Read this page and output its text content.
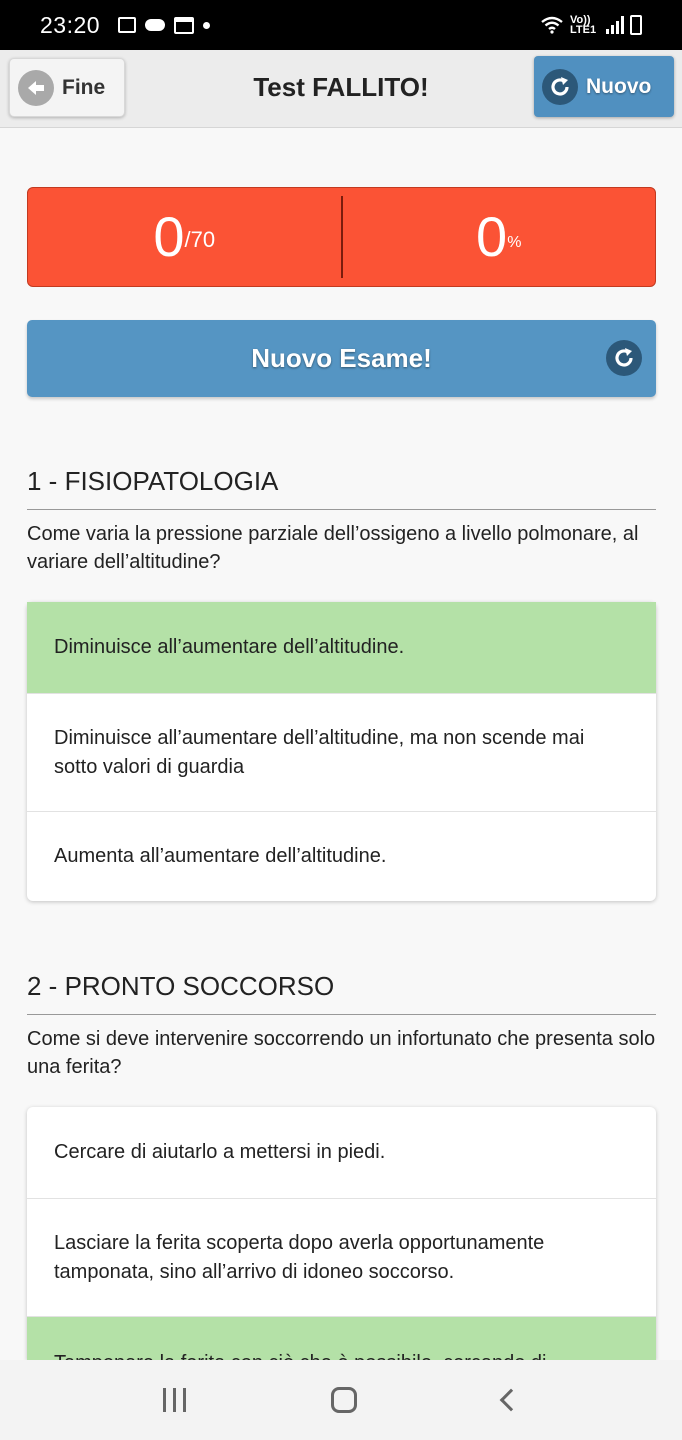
23:20	Vo)) LTE1
Fine	Test FALLITO!	Nuovo
0 /70	0 %
Nuovo Esame!
1 - FISIOPATOLOGIA
Come varia la pressione parziale dell’ossigeno a livello polmonare, al variare dell’altitudine?
Diminuisce all’aumentare dell’altitudine.
Diminuisce all’aumentare dell’altitudine, ma non scende mai sotto valori di guardia
Aumenta all’aumentare dell’altitudine.
2 - PRONTO SOCCORSO
Come si deve intervenire soccorrendo un infortunato che presenta solo una ferita?
Cercare di aiutarlo a mettersi in piedi.
Lasciare la ferita scoperta dopo averla opportunamente tamponata, sino all’arrivo di idoneo soccorso.
